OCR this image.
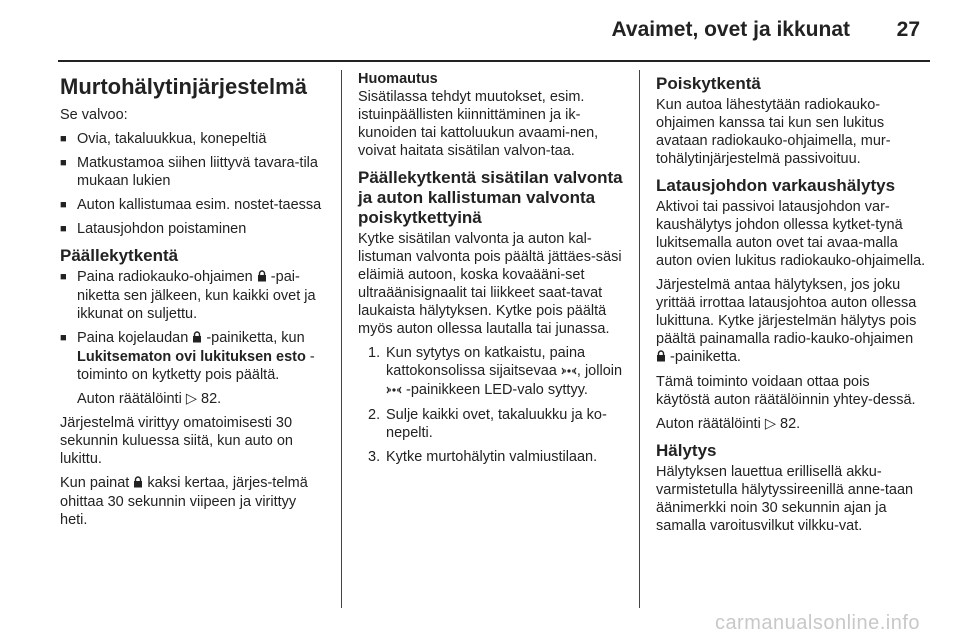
Avaimet, ovet ja ikkunat 27
Murtohälytinjärjestelmä

Se valvoo:

■ Ovia, takaluukkua, konepeltiä
■ Matkustamoa siihen liittyvä tavara-tila mukaan lukien
■ Auton kallistumaa esim. nostet-taessa
■ Latausjohdon poistaminen
Päällekytkentä
■ Paina radiokauko-ohjaimen -pai-niketta sen jälkeen, kun kaikki ovet ja ikkunat on suljettu.
■ Paina kojelaudan -painiketta, kun Lukitsematon ovi lukituksen esto -toiminto on kytketty pois päältä.

Auton räätälöinti ▷ 82.

Järjestelmä virittyy omatoimisesti 30 sekunnin kuluessa siitä, kun auto on lukittu.

Kun painat kaksi kertaa, järjes-telmä ohittaa 30 sekunnin viipeen ja virittyy heti.

Huomautus

Sisätilassa tehdyt muutokset, esim. istuinpäällisten kiinnittäminen ja ik-kunoiden tai kattoluukun avaami-nen, voivat haitata sisätilan valvon-taa.

Päällekytkentä sisätilan valvonta ja auton kallistuman valvonta poiskytkettyinä

Kytke sisätilan valvonta ja auton kal-listuman valvonta pois päältä jättäes-säsi eläimiä autoon, koska kovaääni-set ultraäänisignaalit tai liikkeet saat-tavat laukaista hälytyksen. Kytke pois päältä myös auton ollessa lautalla tai junassa.

1. Kun sytytys on katkaistu, paina kattokonsolissa sijaitsevaa , jolloin  -painikkeen LED-valo syttyy.
2. Sulje kaikki ovet, takaluukku ja ko-nepelti.
3. Kytke murtohälytin valmiustilaan.
Poiskytkentä

Kun autoa lähestytään radiokauko-ohjaimen kanssa tai kun sen lukitus avataan radiokauko-ohjaimella, mur-tohälytinjärjestelmä passivoituu.

Latausjohdon varkaushälytys

Aktivoi tai passivoi latausjohdon var-kaushälytys johdon ollessa kytket-tynä lukitsemalla auton ovet tai avaa-malla auton ovien lukitus radiokauko-ohjaimella.

Järjestelmä antaa hälytyksen, jos joku yrittää irrottaa latausjohtoa auton ollessa lukittuna. Kytke järjestelmän hälytys pois päältä painamalla radio-kauko-ohjaimen  -painiketta.

Tämä toiminto voidaan ottaa pois käytöstä auton räätälöinnin yhtey-dessä.

Auton räätälöinti ▷ 82.

Hälytys

Hälytyksen lauettua erillisellä akku-varmistetulla hälytyssireenillä anne-taan äänimerkki noin 30 sekunnin ajan ja samalla varoitusvilkut vilkku-vat.

carmanualsonline.info
